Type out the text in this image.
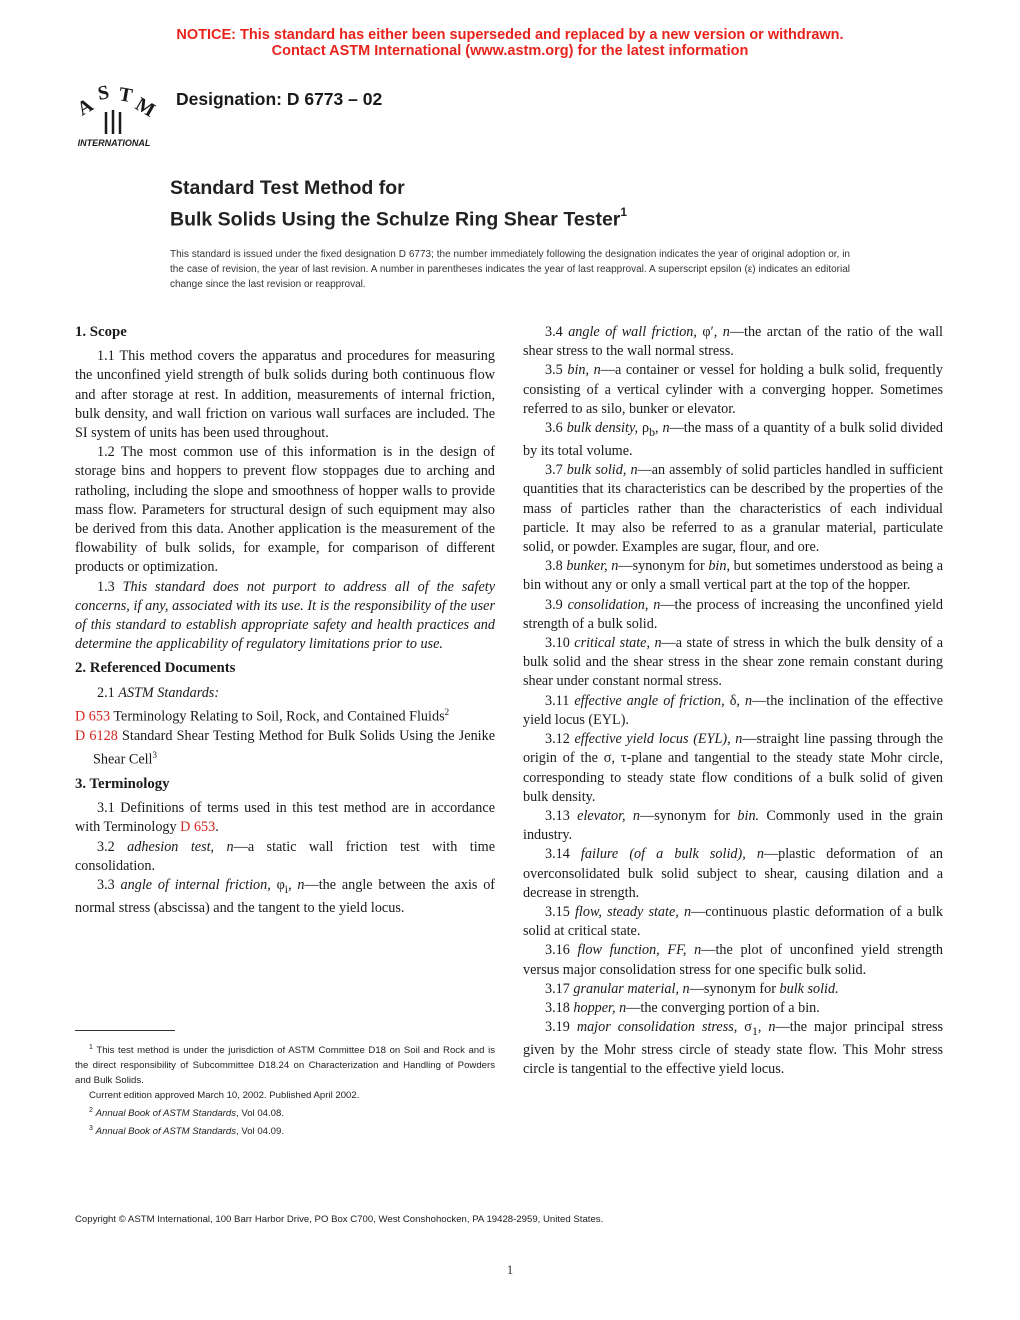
NOTICE: This standard has either been superseded and replaced by a new version or withdrawn.
Contact ASTM International (www.astm.org) for the latest information
A
S T
M
INTERNATIONAL
Designation: D 6773 – 02
Standard Test Method for
Bulk Solids Using the Schulze Ring Shear Tester$^1$
This standard is issued under the fixed designation D 6773; the number immediately following the designation indicates the year of original adoption or, in the case of revision, the year of last revision. A number in parentheses indicates the year of last reapproval. A superscript epsilon (ε) indicates an editorial change since the last revision or reapproval.

1. Scope

1.1 This method covers the apparatus and procedures for measuring the unconfined yield strength of bulk solids during both continuous flow and after storage at rest. In addition, measurements of internal friction, bulk density, and wall friction on various wall surfaces are included. The SI system of units has been used throughout.

1.2 The most common use of this information is in the design of storage bins and hoppers to prevent flow stoppages due to arching and ratholing, including the slope and smoothness of hopper walls to provide mass flow. Parameters for structural design of such equipment may also be derived from this data. Another application is the measurement of the flowability of bulk solids, for example, for comparison of different products or optimization.

1.3 This standard does not purport to address all of the safety concerns, if any, associated with its use. It is the responsibility of the user of this standard to establish appropriate safety and health practices and determine the applicability of regulatory limitations prior to use.

2. Referenced Documents

2.1 ASTM Standards:

D 653 Terminology Relating to Soil, Rock, and Contained Fluids$^2$

D 6128 Standard Shear Testing Method for Bulk Solids Using the Jenike Shear Cell$^3$

3. Terminology

3.1 Definitions of terms used in this test method are in accordance with Terminology D 653.

3.2 adhesion test, n—a static wall friction test with time consolidation.

3.3 angle of internal friction, $\varphi_i$, n—the angle between the axis of normal stress (abscissa) and the tangent to the yield locus.

3.4 angle of wall friction, φ′, n—the arctan of the ratio of the wall shear stress to the wall normal stress.

3.5 bin, n—a container or vessel for holding a bulk solid, frequently consisting of a vertical cylinder with a converging hopper. Sometimes referred to as silo, bunker or elevator.

3.6 bulk density, $\rho_b$, n—the mass of a quantity of a bulk solid divided by its total volume.

3.7 bulk solid, n—an assembly of solid particles handled in sufficient quantities that its characteristics can be described by the properties of the mass of particles rather than the characteristics of each individual particle. It may also be referred to as a granular material, particulate solid, or powder. Examples are sugar, flour, and ore.

3.8 bunker, n—synonym for bin, but sometimes understood as being a bin without any or only a small vertical part at the top of the hopper.

3.9 consolidation, n—the process of increasing the unconfined yield strength of a bulk solid.

3.10 critical state, n—a state of stress in which the bulk density of a bulk solid and the shear stress in the shear zone remain constant during shear under constant normal stress.

3.11 effective angle of friction, δ, n—the inclination of the effective yield locus (EYL).

3.12 effective yield locus (EYL), n—straight line passing through the origin of the σ, τ-plane and tangential to the steady state Mohr circle, corresponding to steady state flow conditions of a bulk solid of given bulk density.

3.13 elevator, n—synonym for bin. Commonly used in the grain industry.

3.14 failure (of a bulk solid), n—plastic deformation of an overconsolidated bulk solid subject to shear, causing dilation and a decrease in strength.

3.15 flow, steady state, n—continuous plastic deformation of a bulk solid at critical state.

3.16 flow function, FF, n—the plot of unconfined yield strength versus major consolidation stress for one specific bulk solid.

3.17 granular material, n—synonym for bulk solid.

3.18 hopper, n—the converging portion of a bin.

3.19 major consolidation stress, $\sigma_1$, n—the major principal stress given by the Mohr stress circle of steady state flow. This Mohr stress circle is tangential to the effective yield locus.

$^1$ This test method is under the jurisdiction of ASTM Committee D18 on Soil and Rock and is the direct responsibility of Subcommittee D18.24 on Characterization and Handling of Powders and Bulk Solids.

Current edition approved March 10, 2002. Published April 2002.

$^2$ Annual Book of ASTM Standards, Vol 04.08.

$^3$ Annual Book of ASTM Standards, Vol 04.09.

Copyright © ASTM International, 100 Barr Harbor Drive, PO Box C700, West Conshohocken, PA 19428-2959, United States.
1
